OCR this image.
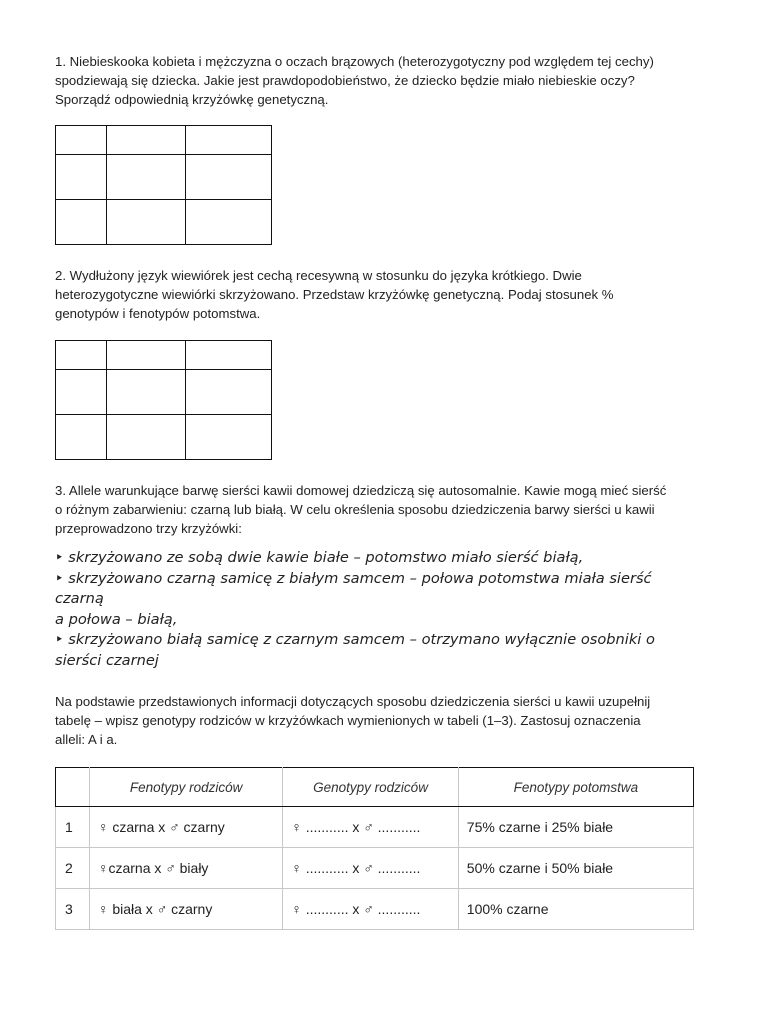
1. Niebieskooka kobieta i mężczyzna o oczach brązowych (heterozygotyczny pod względem tej cechy)
spodziewają się dziecka. Jakie jest prawdopodobieństwo, że dziecko będzie miało niebieskie oczy?
Sporządź odpowiednią krzyżówkę genetyczną.

2. Wydłużony język wiewiórek jest cechą recesywną w stosunku do języka krótkiego. Dwie
heterozygotyczne wiewiórki skrzyżowano. Przedstaw krzyżówkę genetyczną. Podaj stosunek %
genotypów i fenotypów potomstwa.

3. Allele warunkujące barwę sierści kawii domowej dziedziczą się autosomalnie. Kawie mogą mieć sierść
o różnym zabarwieniu: czarną lub białą. W celu określenia sposobu dziedziczenia barwy sierści u kawii
przeprowadzono trzy krzyżówki:

‣ skrzyżowano ze sobą dwie kawie białe – potomstwo miało sierść białą,
‣ skrzyżowano czarną samicę z białym samcem – połowa potomstwa miała sierść
czarną
a połowa – białą,
‣ skrzyżowano białą samicę z czarnym samcem – otrzymano wyłącznie osobniki o
sierści czarnej

Na podstawie przedstawionych informacji dotyczących sposobu dziedziczenia sierści u kawii uzupełnij
tabelę – wpisz genotypy rodziców w krzyżówkach wymienionych w tabeli (1–3). Zastosuj oznaczenia
alleli: A i a.

	Fenotypy rodziców	Genotypy rodziców	Fenotypy potomstwa
1	♀ czarna x ♂ czarny	♀ ........... x ♂ ...........	75% czarne i 25% białe
2	♀czarna x ♂ biały	♀ ........... x ♂ ...........	50% czarne i 50% białe
3	♀ biała x ♂ czarny	♀ ........... x ♂ ...........	100% czarne
